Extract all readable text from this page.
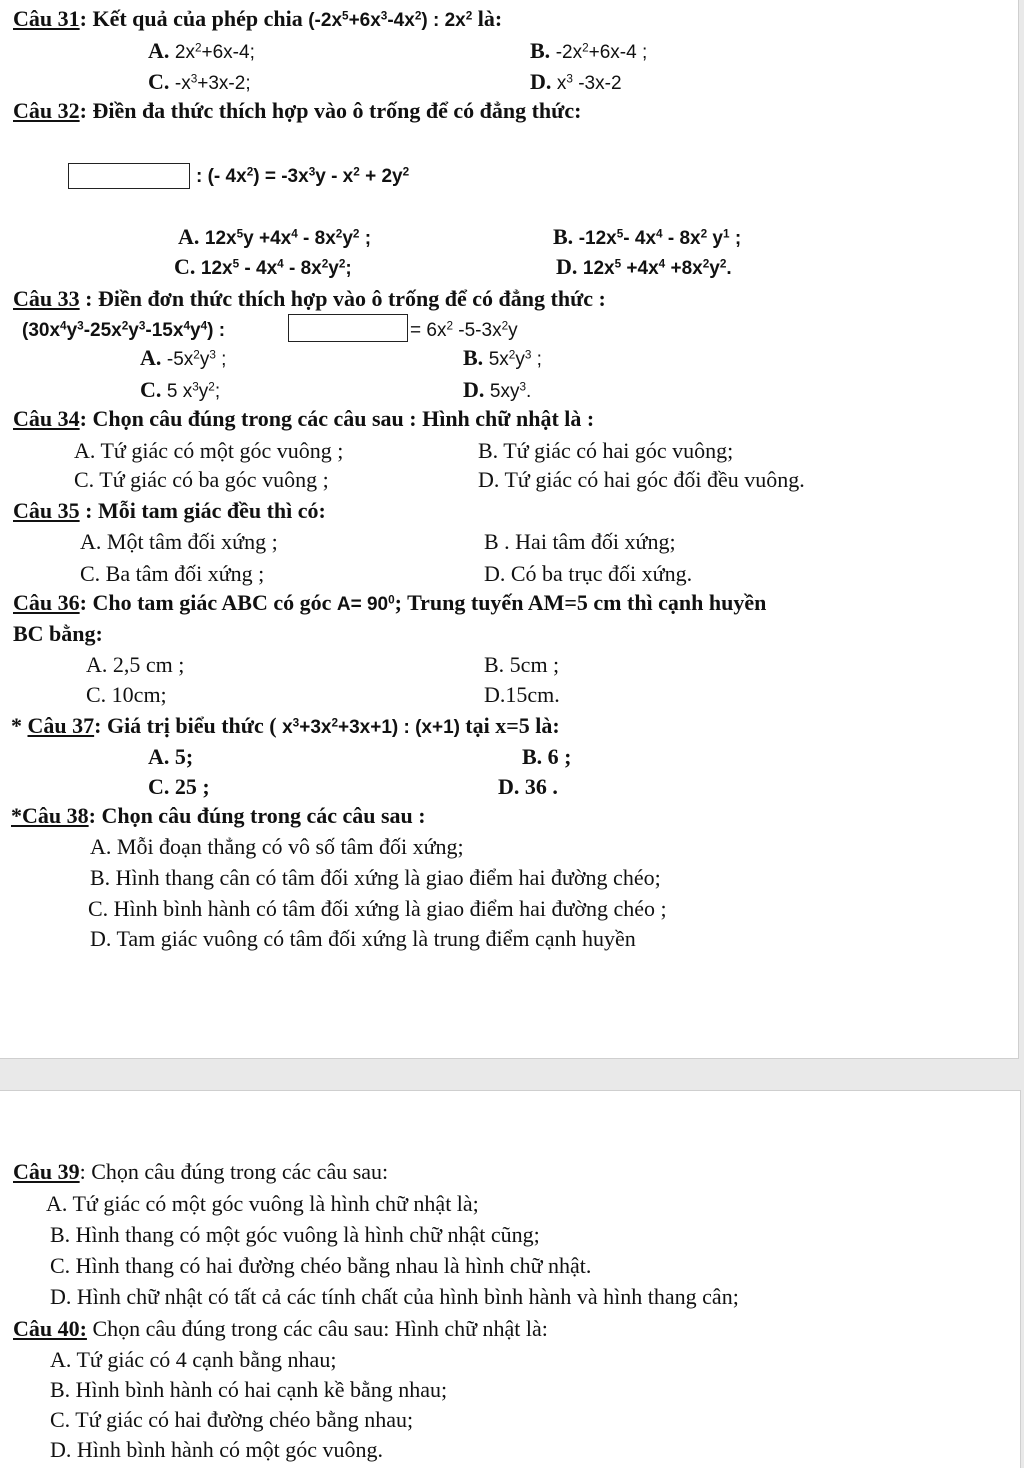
Câu 31: Kết quả của phép chia $(-2x^5+6x^3-4x^2)$ : $2x^2$ là:
A. $2x^2+6x-4$;	B. $-2x^2+6x-4$ ;
C. $-x^3+3x-2$;	D. $x^3$ -3x-2
Câu 32: Điền đa thức thích hợp vào ô trống để có đẳng thức:
: (- $4x^2) = -3x^3y - x^2 + 2y^2$
A. $12x^5y +4x^4 - 8x^2y^2$ ;	B. $-12x^5-$ $4x^4 - 8x^2$ $y^1$ ;
C. $12x^5 - 4x^4 - 8x^2y^2$;	D. $12x^5 +4x^4 +8x^2y^2$.
Câu 33 : Điền đơn thức thích hợp vào ô trống để có đẳng thức :
$(30x^4y^3-25x^2y^3-15x^4y^4)$ :	= $6x^2$ $-5-3x^2y$
A. $-5x^2y^3$ ;	B. $5x^2y^3$ ;
C. 5 $x^3y^2$;	D. $5xy^3$.
Câu 34: Chọn câu đúng trong các câu sau : Hình chữ nhật là :
A. Tứ giác có một góc vuông ;	B. Tứ giác có hai góc vuông;
C. Tứ giác có ba góc vuông ;	D. Tứ giác có hai góc đối đều vuông.
Câu 35 : Mỗi tam giác đều thì có:
A. Một tâm đối xứng ;	B . Hai tâm đối xứng;
C. Ba tâm đối xứng ;	D. Có ba trục đối xứng.
Câu 36: Cho tam giác ABC có góc $A= 90^0$; Trung tuyến AM=5 cm thì cạnh huyền
BC bằng:
A. 2,5 cm ;	B. 5cm ;
C. 10cm;	D.15cm.
* Câu 37: Giá trị biểu thức ( $x^3+3x^2+3x+1$) : (x+1) tại x=5 là:
A. 5;	B. 6 ;
C. 25 ;	D. 36 .
*Câu 38: Chọn câu đúng trong các câu sau :
A. Mỗi đoạn thẳng có vô số tâm đối xứng;
B. Hình thang cân có tâm đối xứng là giao điểm hai đường chéo;
C. Hình bình hành có tâm đối xứng là giao điểm hai đường chéo ;
D. Tam giác vuông có tâm đối xứng là trung điểm cạnh huyền
Câu 39: Chọn câu đúng trong các câu sau:
A. Tứ giác có một góc vuông là hình chữ nhật là;
B. Hình thang có một góc vuông là hình chữ nhật cũng;
C. Hình thang có hai đường chéo bằng nhau là hình chữ nhật.
D. Hình chữ nhật có tất cả các tính chất của hình bình hành và hình thang cân;
Câu 40: Chọn câu đúng trong các câu sau: Hình chữ nhật là:
A. Tứ giác có 4 cạnh bằng nhau;
B. Hình bình hành có hai cạnh kề bằng nhau;
C. Tứ giác có hai đường chéo bằng nhau;
D. Hình bình hành có một góc vuông.
